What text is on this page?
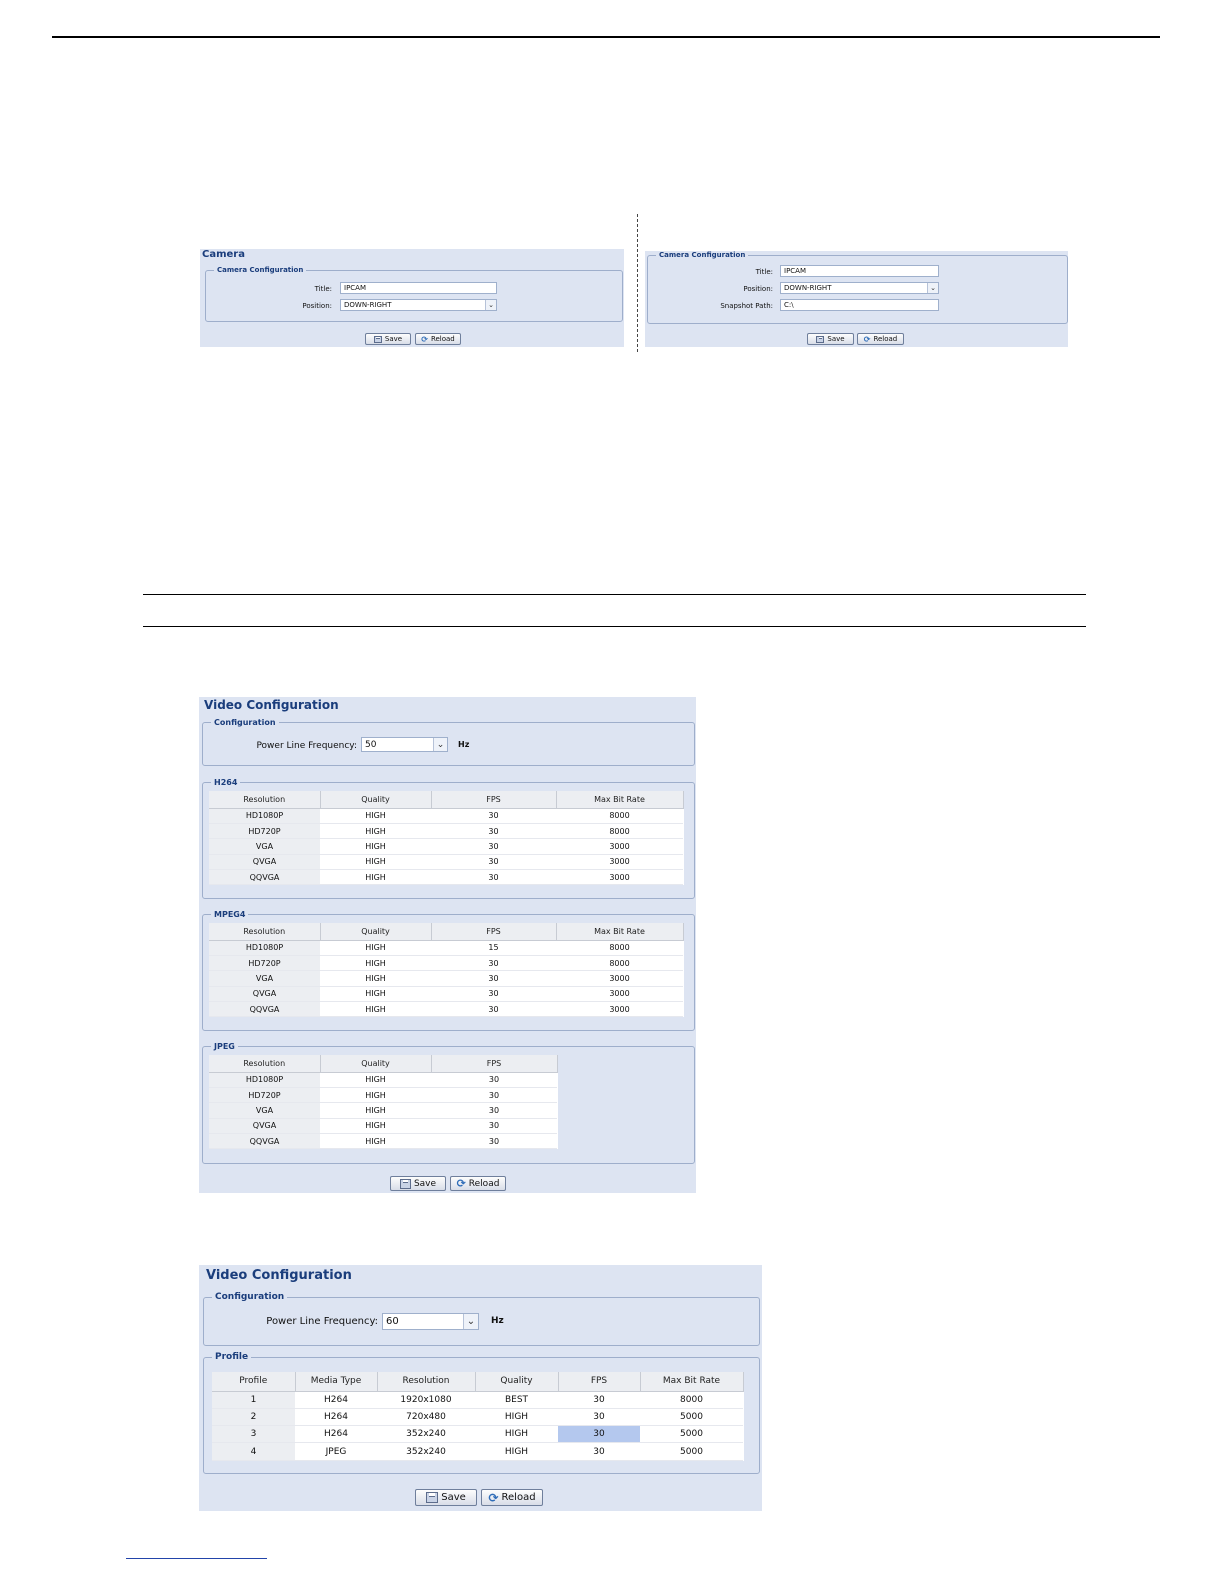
Camera
Camera Configuration
Title:	IPCAM
Position:	DOWN-RIGHT	⌄
Save ⟳ Reload
Camera Configuration
Title:	IPCAM
Position:	DOWN-RIGHT	⌄
Snapshot Path:	C:\
Save ⟳ Reload
Video Configuration
Configuration
Power Line Frequency: 50	⌄	Hz
H264
Resolution	Quality	FPS	Max Bit Rate
HD1080P	HIGH	30	8000
HD720P	HIGH	30	8000
VGA	HIGH	30	3000
QVGA	HIGH	30	3000
QQVGA	HIGH	30	3000
MPEG4
Resolution	Quality	FPS	Max Bit Rate
HD1080P	HIGH	15	8000
HD720P	HIGH	30	8000
VGA	HIGH	30	3000
QVGA	HIGH	30	3000
QQVGA	HIGH	30	3000
JPEG
Resolution	Quality	FPS
HD1080P	HIGH	30
HD720P	HIGH	30
VGA	HIGH	30
QVGA	HIGH	30
QQVGA	HIGH	30
Save ⟳ Reload
Video Configuration
Configuration
Power Line Frequency: 60	⌄	Hz
Profile
Profile	Media Type	Resolution	Quality	FPS	Max Bit Rate
1	H264	1920x1080	BEST	30	8000
2	H264	720x480	HIGH	30	5000
3	H264	352x240	HIGH	30	5000
4	JPEG	352x240	HIGH	30	5000
Save ⟳ Reload
